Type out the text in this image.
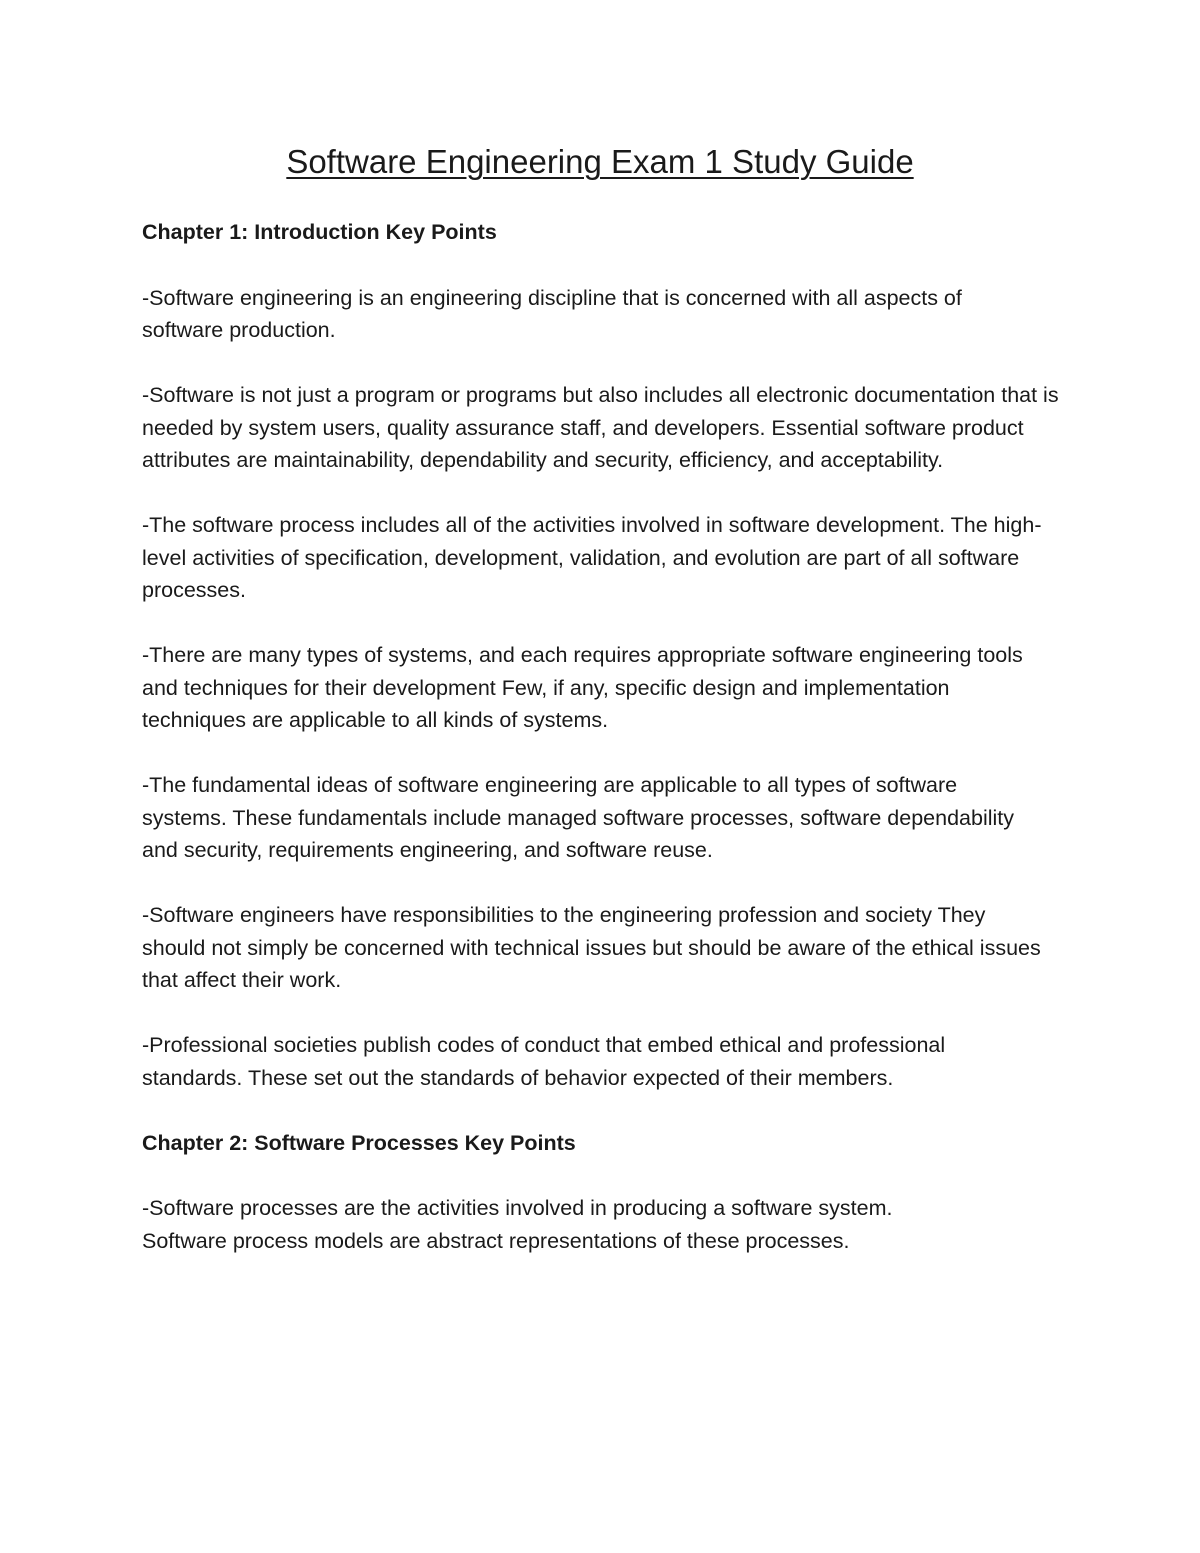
Software Engineering Exam 1 Study Guide

Chapter 1: Introduction Key Points

-Software engineering is an engineering discipline that is concerned with all aspects of software production.

-Software is not just a program or programs but also includes all electronic documentation that is needed by system users, quality assurance staff, and developers. Essential software product attributes are maintainability, dependability and security, efficiency, and acceptability.

-The software process includes all of the activities involved in software development. The high-level activities of specification, development, validation, and evolution are part of all software processes.

-There are many types of systems, and each requires appropriate software engineering tools and techniques for their development Few, if any, specific design and implementation techniques are applicable to all kinds of systems.

-The fundamental ideas of software engineering are applicable to all types of software systems. These fundamentals include managed software processes, software dependability and security, requirements engineering, and software reuse.

-Software engineers have responsibilities to the engineering profession and society They should not simply be concerned with technical issues but should be aware of the ethical issues that affect their work.

-Professional societies publish codes of conduct that embed ethical and professional standards. These set out the standards of behavior expected of their members.

Chapter 2: Software Processes Key Points

-Software processes are the activities involved in producing a software system. Software process models are abstract representations of these processes.
